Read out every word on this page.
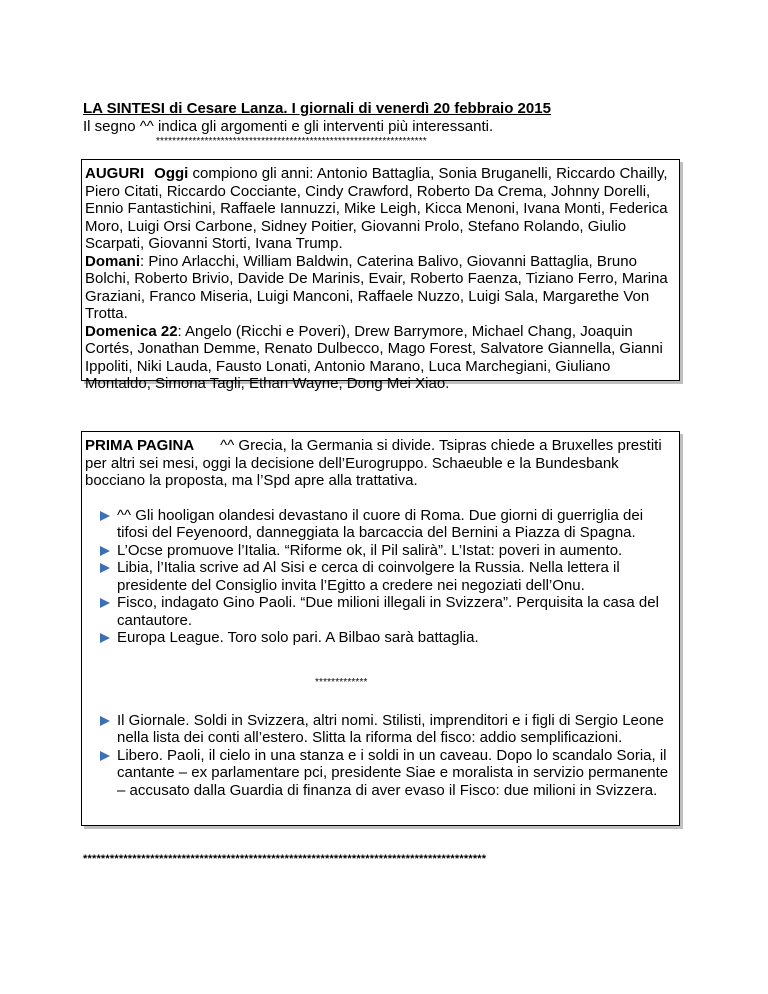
LA SINTESI di Cesare Lanza. I giornali di venerdì 20 febbraio 2015
Il segno ^^ indica gli argomenti e gli interventi più interessanti.
*******************************************************************

AUGURI Oggi compiono gli anni: Antonio Battaglia, Sonia Bruganelli, Riccardo Chailly, Piero Citati, Riccardo Cocciante, Cindy Crawford, Roberto Da Crema, Johnny Dorelli, Ennio Fantastichini, Raffaele Iannuzzi, Mike Leigh, Kicca Menoni, Ivana Monti, Federica Moro, Luigi Orsi Carbone, Sidney Poitier, Giovanni Prolo, Stefano Rolando, Giulio Scarpati, Giovanni Storti, Ivana Trump.

Domani: Pino Arlacchi, William Baldwin, Caterina Balivo, Giovanni Battaglia, Bruno Bolchi, Roberto Brivio, Davide De Marinis, Evair, Roberto Faenza, Tiziano Ferro, Marina Graziani, Franco Miseria, Luigi Manconi, Raffaele Nuzzo, Luigi Sala, Margarethe Von Trotta.

Domenica 22: Angelo (Ricchi e Poveri), Drew Barrymore, Michael Chang, Joaquin Cortés, Jonathan Demme, Renato Dulbecco, Mago Forest, Salvatore Giannella, Gianni Ippoliti, Niki Lauda, Fausto Lonati, Antonio Marano, Luca Marchegiani, Giuliano Montaldo, Simona Tagli, Ethan Wayne, Dong Mei Xiao.

PRIMA PAGINA ^^ Grecia, la Germania si divide. Tsipras chiede a Bruxelles prestiti per altri sei mesi, oggi la decisione dell’Eurogruppo. Schaeuble e la Bundesbank bocciano la proposta, ma l’Spd apre alla trattativa.

^^ Gli hooligan olandesi devastano il cuore di Roma. Due giorni di guerriglia dei tifosi del Feyenoord, danneggiata la barcaccia del Bernini a Piazza di Spagna.
L’Ocse promuove l’Italia. “Riforme ok, il Pil salirà”. L’Istat: poveri in aumento.
Libia, l’Italia scrive ad Al Sisi e cerca di coinvolgere la Russia. Nella lettera il presidente del Consiglio invita l’Egitto a credere nei negoziati dell’Onu.
Fisco, indagato Gino Paoli. “Due milioni illegali in Svizzera”. Perquisita la casa del cantautore.
Europa League. Toro solo pari. A Bilbao sarà battaglia.
*************
Il Giornale. Soldi in Svizzera, altri nomi. Stilisti, imprenditori e i figli di Sergio Leone nella lista dei conti all’estero. Slitta la riforma del fisco: addio semplificazioni.
Libero. Paoli, il cielo in una stanza e i soldi in un caveau. Dopo lo scandalo Soria, il cantante – ex parlamentare pci, presidente Siae e moralista in servizio permanente – accusato dalla Guardia di finanza di aver evaso il Fisco: due milioni in Svizzera.
******************************************************************************************
